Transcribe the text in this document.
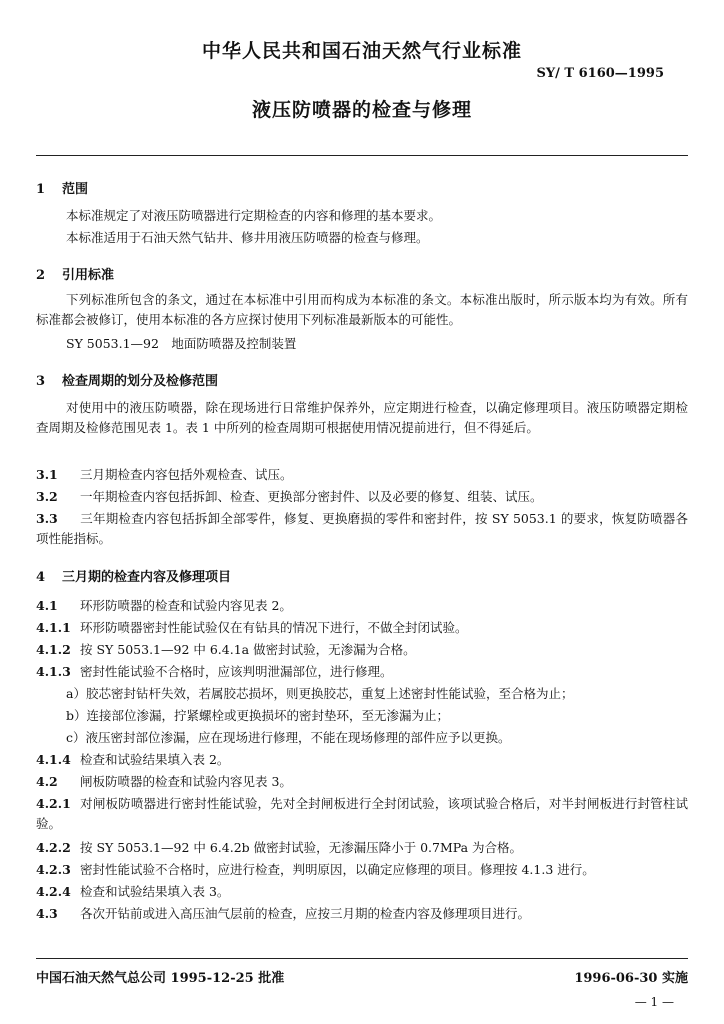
中华人民共和国石油天然气行业标准
SY/ T 6160—1995
液压防喷器的检查与修理
1 范围
本标准规定了对液压防喷器进行定期检查的内容和修理的基本要求。
本标准适用于石油天然气钻井、修井用液压防喷器的检查与修理。
2 引用标准
下列标准所包含的条文，通过在本标准中引用而构成为本标准的条文。本标准出版时，所示版本均为有效。所有标准都会被修订，使用本标准的各方应探讨使用下列标准最新版本的可能性。
SY 5053.1—92　地面防喷器及控制装置
3 检查周期的划分及检修范围
对使用中的液压防喷器，除在现场进行日常维护保养外，应定期进行检查，以确定修理项目。液压防喷器定期检查周期及检修范围见表 1。表 1 中所列的检查周期可根据使用情况提前进行，但不得延后。
3.1 三月期检查内容包括外观检查、试压。
3.2 一年期检查内容包括拆卸、检查、更换部分密封件、以及必要的修复、组装、试压。
3.3 三年期检查内容包括拆卸全部零件，修复、更换磨损的零件和密封件，按 SY 5053.1 的要求，恢复防喷器各项性能指标。
4 三月期的检查内容及修理项目
4.1 环形防喷器的检查和试验内容见表 2。
4.1.1 环形防喷器密封性能试验仅在有钻具的情况下进行，不做全封闭试验。
4.1.2 按 SY 5053.1—92 中 6.4.1a 做密封试验，无渗漏为合格。
4.1.3 密封性能试验不合格时，应该判明泄漏部位，进行修理。
a）胶芯密封钻杆失效，若属胶芯损坏，则更换胶芯，重复上述密封性能试验，至合格为止；
b）连接部位渗漏，拧紧螺栓或更换损坏的密封垫环，至无渗漏为止；
c）液压密封部位渗漏，应在现场进行修理，不能在现场修理的部件应予以更换。
4.1.4 检查和试验结果填入表 2。
4.2 闸板防喷器的检查和试验内容见表 3。
4.2.1 对闸板防喷器进行密封性能试验，先对全封闸板进行全封闭试验，该项试验合格后，对半封闸板进行封管柱试验。
4.2.2 按 SY 5053.1—92 中 6.4.2b 做密封试验，无渗漏压降小于 0.7MPa 为合格。
4.2.3 密封性能试验不合格时，应进行检查，判明原因，以确定应修理的项目。修理按 4.1.3 进行。
4.2.4 检查和试验结果填入表 3。
4.3 各次开钻前或进入高压油气层前的检查，应按三月期的检查内容及修理项目进行。
中国石油天然气总公司 1995-12-25 批准	1996-06-30 实施
— 1 —
